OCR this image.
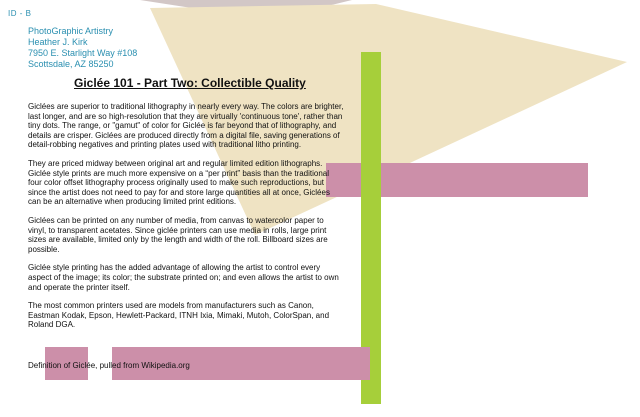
ID - B
PhotoGraphic Artistry
Heather J. Kirk
7950 E. Starlight Way #108
Scottsdale, AZ 85250
Giclée 101 - Part Two: Collectible Quality

Giclées are superior to traditional lithography in nearly every way. The colors are brighter, last longer, and are so high-resolution that they are virtually 'continuous tone', rather than tiny dots. The range, or "gamut" of color for Giclée is far beyond that of lithography, and details are crisper. Giclées are produced directly from a digital file, saving generations of detail-robbing negatives and printing plates used with traditional litho printing.

They are priced midway between original art and regular limited edition lithographs. Giclée style prints are much more expensive on a “per print” basis than the traditional four color offset lithography process originally used to make such reproductions, but since the artist does not need to pay for and store large quantities all at once, Giclées can be an alternative when producing limited print editions.

Giclées can be printed on any number of media, from canvas to watercolor paper to vinyl, to transparent acetates. Since giclée printers can use media in rolls, large print sizes are available, limited only by the length and width of the roll. Billboard sizes are possible.

Giclée style printing has the added advantage of allowing the artist to control every aspect of the image; its color; the substrate printed on; and even allows the artist to own and operate the printer itself.

The most common printers used are models from manufacturers such as Canon, Eastman Kodak, Epson, Hewlett-Packard, ITNH Ixia, Mimaki, Mutoh, ColorSpan, and Roland DGA.

Definition of Giclée, pulled from Wikipedia.org
